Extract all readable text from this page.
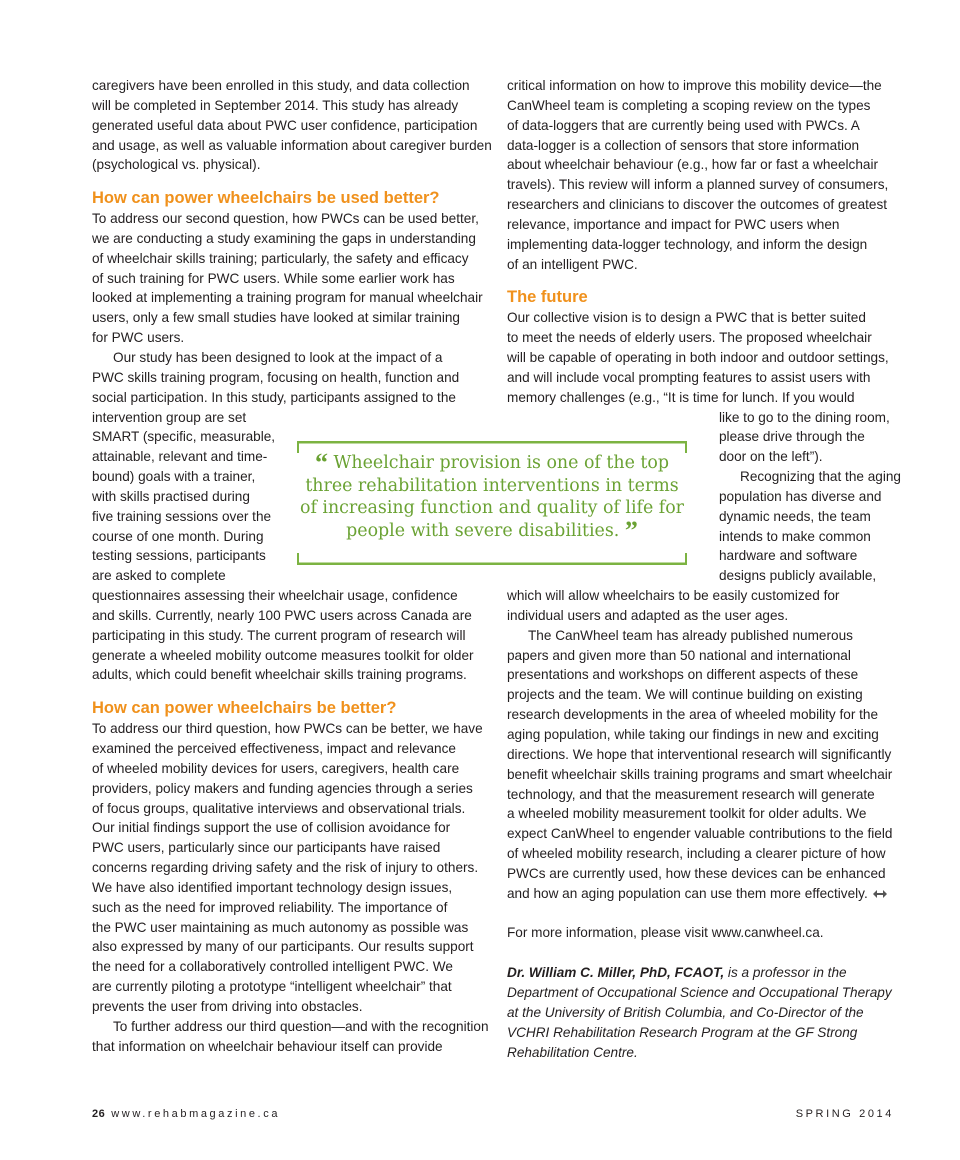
caregivers have been enrolled in this study, and data collection
will be completed in September 2014. This study has already
generated useful data about PWC user confidence, participation
and usage, as well as valuable information about caregiver burden
(psychological vs. physical).

How can power wheelchairs be used better?

To address our second question, how PWCs can be used better,
we are conducting a study examining the gaps in understanding
of wheelchair skills training; particularly, the safety and efficacy
of such training for PWC users. While some earlier work has
looked at implementing a training program for manual wheelchair
users, only a few small studies have looked at similar training
for PWC users.

Our study has been designed to look at the impact of a
PWC skills training program, focusing on health, function and
social participation. In this study, participants assigned to the

intervention group are set
SMART (specific, measurable,
attainable, relevant and time-
bound) goals with a trainer,
with skills practised during
five training sessions over the
course of one month. During
testing sessions, participants
are asked to complete

questionnaires assessing their wheelchair usage, confidence
and skills. Currently, nearly 100 PWC users across Canada are
participating in this study. The current program of research will
generate a wheeled mobility outcome measures toolkit for older
adults, which could benefit wheelchair skills training programs.

How can power wheelchairs be better?

To address our third question, how PWCs can be better, we have
examined the perceived effectiveness, impact and relevance
of wheeled mobility devices for users, caregivers, health care
providers, policy makers and funding agencies through a series
of focus groups, qualitative interviews and observational trials.
Our initial findings support the use of collision avoidance for
PWC users, particularly since our participants have raised
concerns regarding driving safety and the risk of injury to others.
We have also identified important technology design issues,
such as the need for improved reliability. The importance of
the PWC user maintaining as much autonomy as possible was
also expressed by many of our participants. Our results support
the need for a collaboratively controlled intelligent PWC. We
are currently piloting a prototype “intelligent wheelchair” that
prevents the user from driving into obstacles.

To further address our third question—and with the recognition
that information on wheelchair behaviour itself can provide

critical information on how to improve this mobility device—the
CanWheel team is completing a scoping review on the types
of data-loggers that are currently being used with PWCs. A
data-logger is a collection of sensors that store information
about wheelchair behaviour (e.g., how far or fast a wheelchair
travels). This review will inform a planned survey of consumers,
researchers and clinicians to discover the outcomes of greatest
relevance, importance and impact for PWC users when
implementing data-logger technology, and inform the design
of an intelligent PWC.

The future

Our collective vision is to design a PWC that is better suited
to meet the needs of elderly users. The proposed wheelchair
will be capable of operating in both indoor and outdoor settings,
and will include vocal prompting features to assist users with
memory challenges (e.g., “It is time for lunch. If you would

like to go to the dining room,
please drive through the
door on the left”).
Recognizing that the aging
population has diverse and
dynamic needs, the team
intends to make common
hardware and software
designs publicly available,

which will allow wheelchairs to be easily customized for
individual users and adapted as the user ages.

The CanWheel team has already published numerous
papers and given more than 50 national and international
presentations and workshops on different aspects of these
projects and the team. We will continue building on existing
research developments in the area of wheeled mobility for the
aging population, while taking our findings in new and exciting
directions. We hope that interventional research will significantly
benefit wheelchair skills training programs and smart wheelchair
technology, and that the measurement research will generate
a wheeled mobility measurement toolkit for older adults. We
expect CanWheel to engender valuable contributions to the field
of wheeled mobility research, including a clearer picture of how
PWCs are currently used, how these devices can be enhanced
and how an aging population can use them more effectively.

For more information, please visit www.canwheel.ca.

Dr. William C. Miller, PhD, FCAOT, is a professor in the
Department of Occupational Science and Occupational Therapy
at the University of British Columbia, and Co-Director of the
VCHRI Rehabilitation Research Program at the GF Strong
Rehabilitation Centre.

“ Wheelchair provision is one of the top
three rehabilitation interventions in terms
of increasing function and quality of life for
people with severe disabilities. ”
26 www.rehabmagazine.ca	SPRING 2014
